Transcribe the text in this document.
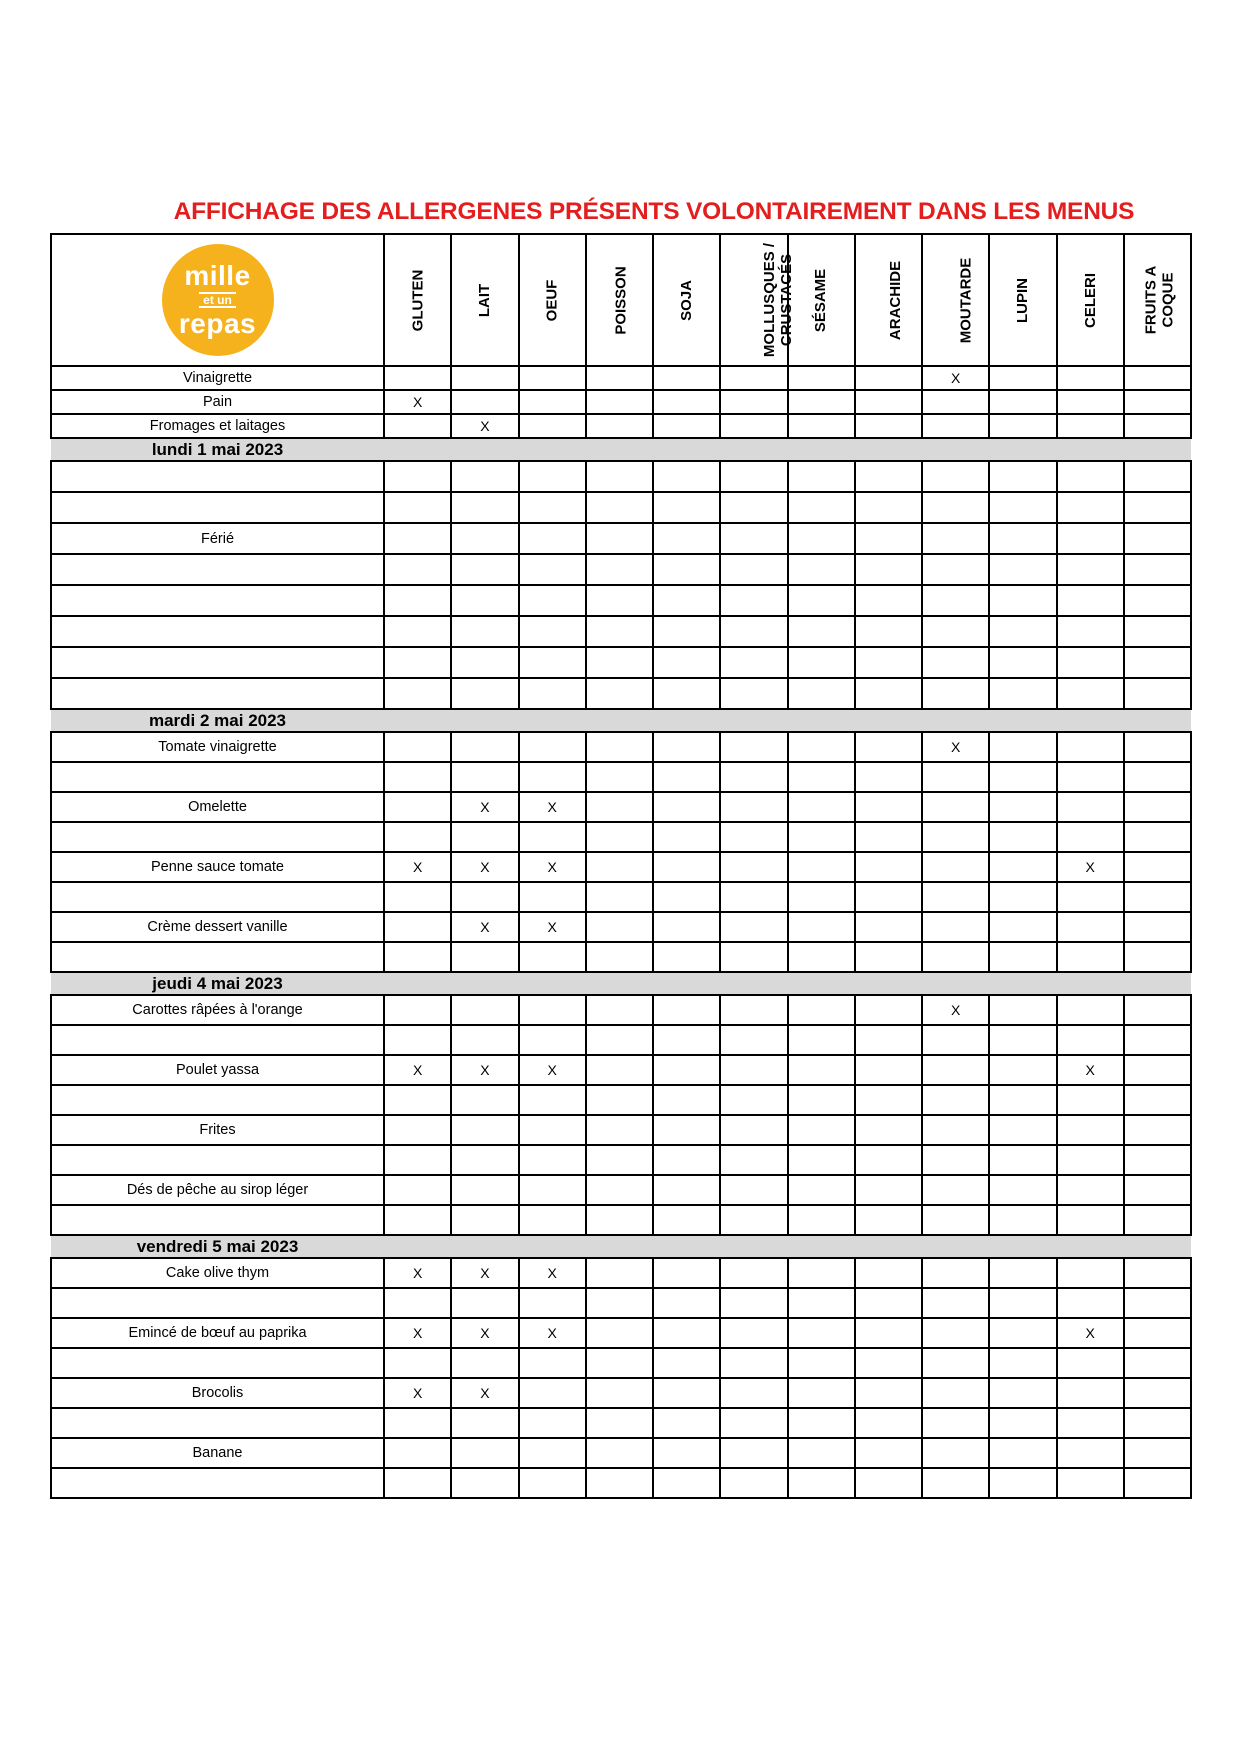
AFFICHAGE DES ALLERGENES PRÉSENTS VOLONTAIREMENT DANS LES MENUS
mille
et un
repas	GLUTEN	LAIT	OEUF	POISSON	SOJA	MOLLUSQUES / CRUSTACÉS	SÉSAME	ARACHIDE	MOUTARDE	LUPIN	CELERI	FRUITS A COQUE

Vinaigrette									X			
Pain	X											
Fromages et laitages		X										
lundi 1 mai 2023												

Férié												

mardi 2 mai 2023												
Tomate vinaigrette									X			

Omelette		X	X									

Penne sauce tomate	X	X	X								X	

Crème dessert vanille		X	X									

jeudi 4 mai 2023												
Carottes râpées à l'orange									X			

Poulet yassa	X	X	X								X	

Frites												

Dés de pêche au sirop léger												

vendredi 5 mai 2023												
Cake olive thym	X	X	X									

Emincé de bœuf au paprika	X	X	X								X	

Brocolis	X	X										

Banane												
